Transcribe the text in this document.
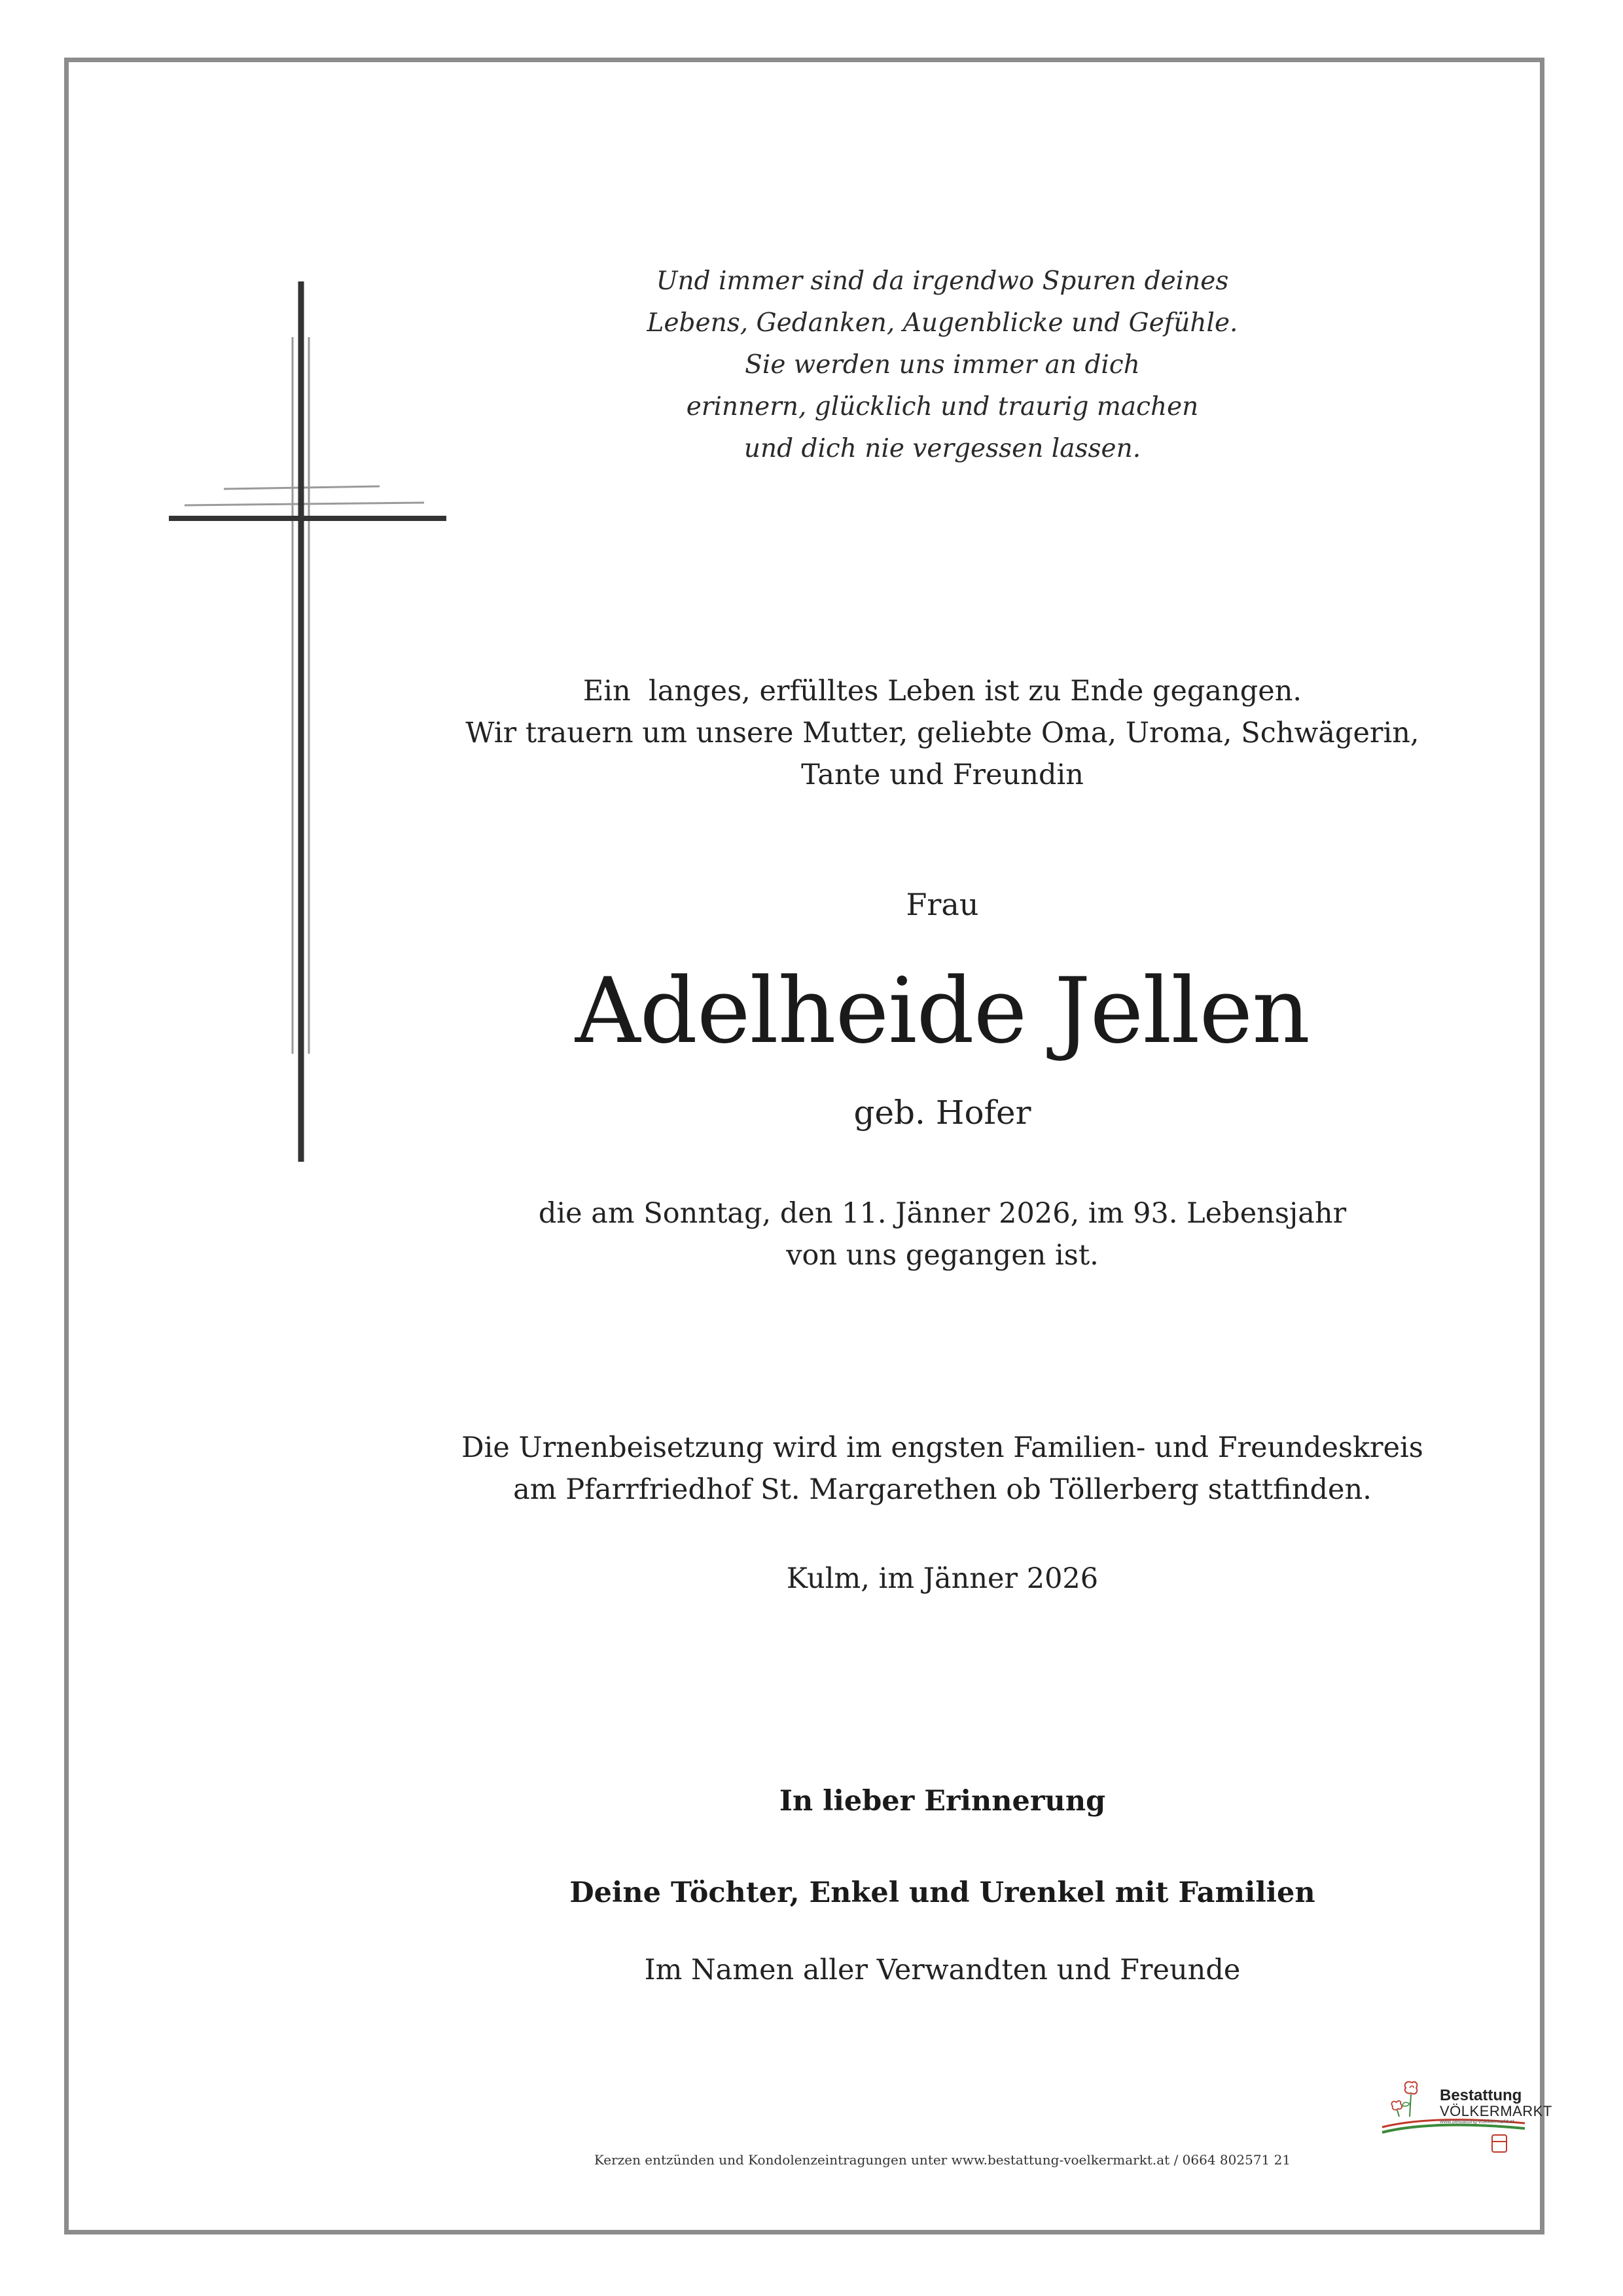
Und immer sind da irgendwo Spuren deines
Lebens, Gedanken, Augenblicke und Gefühle.
Sie werden uns immer an dich
erinnern, glücklich und traurig machen
und dich nie vergessen lassen.
Ein  langes, erfülltes Leben ist zu Ende gegangen.
Wir trauern um unsere Mutter, geliebte Oma, Uroma, Schwägerin,
Tante und Freundin
Frau
Adelheide Jellen
geb. Hofer
die am Sonntag, den 11. Jänner 2026, im 93. Lebensjahr
von uns gegangen ist.
Die Urnenbeisetzung wird im engsten Familien- und Freundeskreis
am Pfarrfriedhof St. Margarethen ob Töllerberg stattfinden.
Kulm, im Jänner 2026
In lieber Erinnerung
Deine Töchter, Enkel und Urenkel mit Familien
Im Namen aller Verwandten und Freunde
Kerzen entzünden und Kondolenzeintragungen unter www.bestattung-voelkermarkt.at / 0664 802571 21
Bestattung
VÖLKERMARKT
www.bestattung-voelkermarkt.at
